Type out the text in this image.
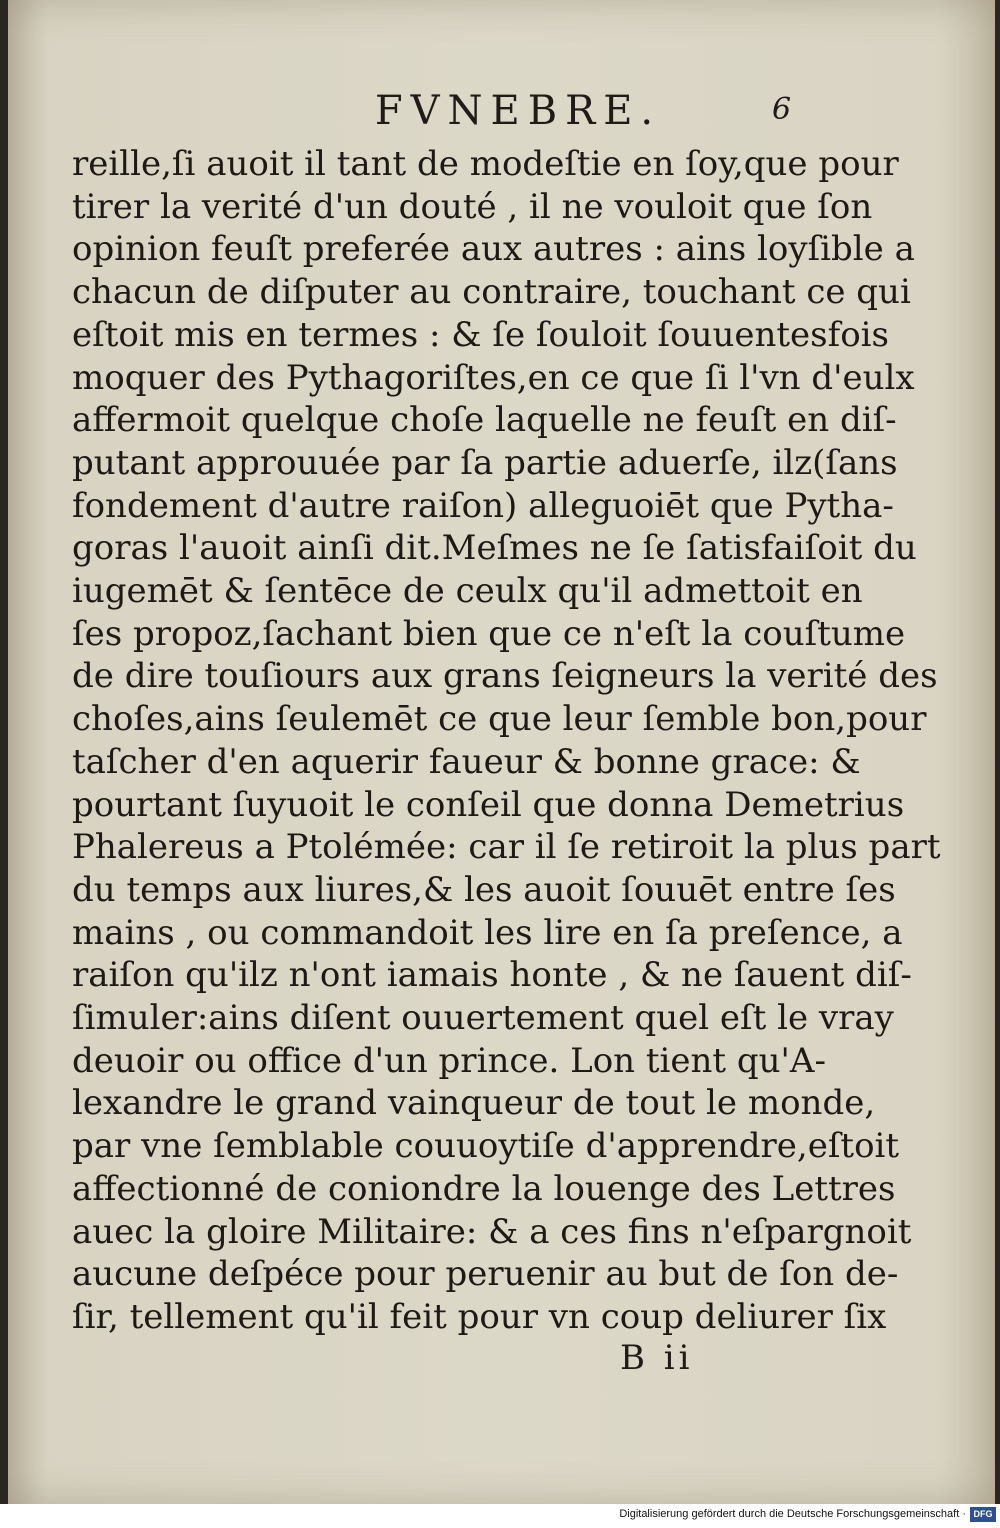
FVNEBRE.	6
reille,ſi auoit il tant de modeſtie en ſoy,que pour
tirer la verité d'un douté , il ne vouloit que ſon
opinion feuſt preferée aux autres : ains loyſible a
chacun de diſputer au contraire, touchant ce qui
eſtoit mis en termes : & ſe ſouloit ſouuentesfois
moquer des Pythagoriſtes,en ce que ſi l'vn d'eulx
affermoit quelque choſe laquelle ne feuſt en diſ-
putant approuuée par ſa partie aduerſe, ilz(ſans
fondement d'autre raiſon) alleguoiēt que Pytha-
goras l'auoit ainſi dit.Meſmes ne ſe ſatisfaiſoit du
iugemēt & ſentēce de ceulx qu'il admettoit en
ſes propoz,ſachant bien que ce n'eſt la couſtume
de dire touſiours aux grans ſeigneurs la verité des
choſes,ains ſeulemēt ce que leur ſemble bon,pour
taſcher d'en aquerir faueur & bonne grace: &
pourtant ſuyuoit le conſeil que donna Demetrius
Phalereus a Ptolémée: car il ſe retiroit la plus part
du temps aux liures,& les auoit ſouuēt entre ſes
mains , ou commandoit les lire en ſa preſence, a
raiſon qu'ilz n'ont iamais honte , & ne ſauent diſ-
ſimuler:ains diſent ouuertement quel eſt le vray
deuoir ou office d'un prince. Lon tient qu'A-
lexandre le grand vainqueur de tout le monde,
par vne ſemblable couuoytiſe d'apprendre,eſtoit
affectionné de coniondre la louenge des Lettres
auec la gloire Militaire: & a ces fins n'eſpargnoit
aucune deſpéce pour peruenir au but de ſon de-
ſir, tellement qu'il feit pour vn coup deliurer ſix
B ii
Digitalisierung gefördert durch die Deutsche Forschungsgemeinschaft · DFG
